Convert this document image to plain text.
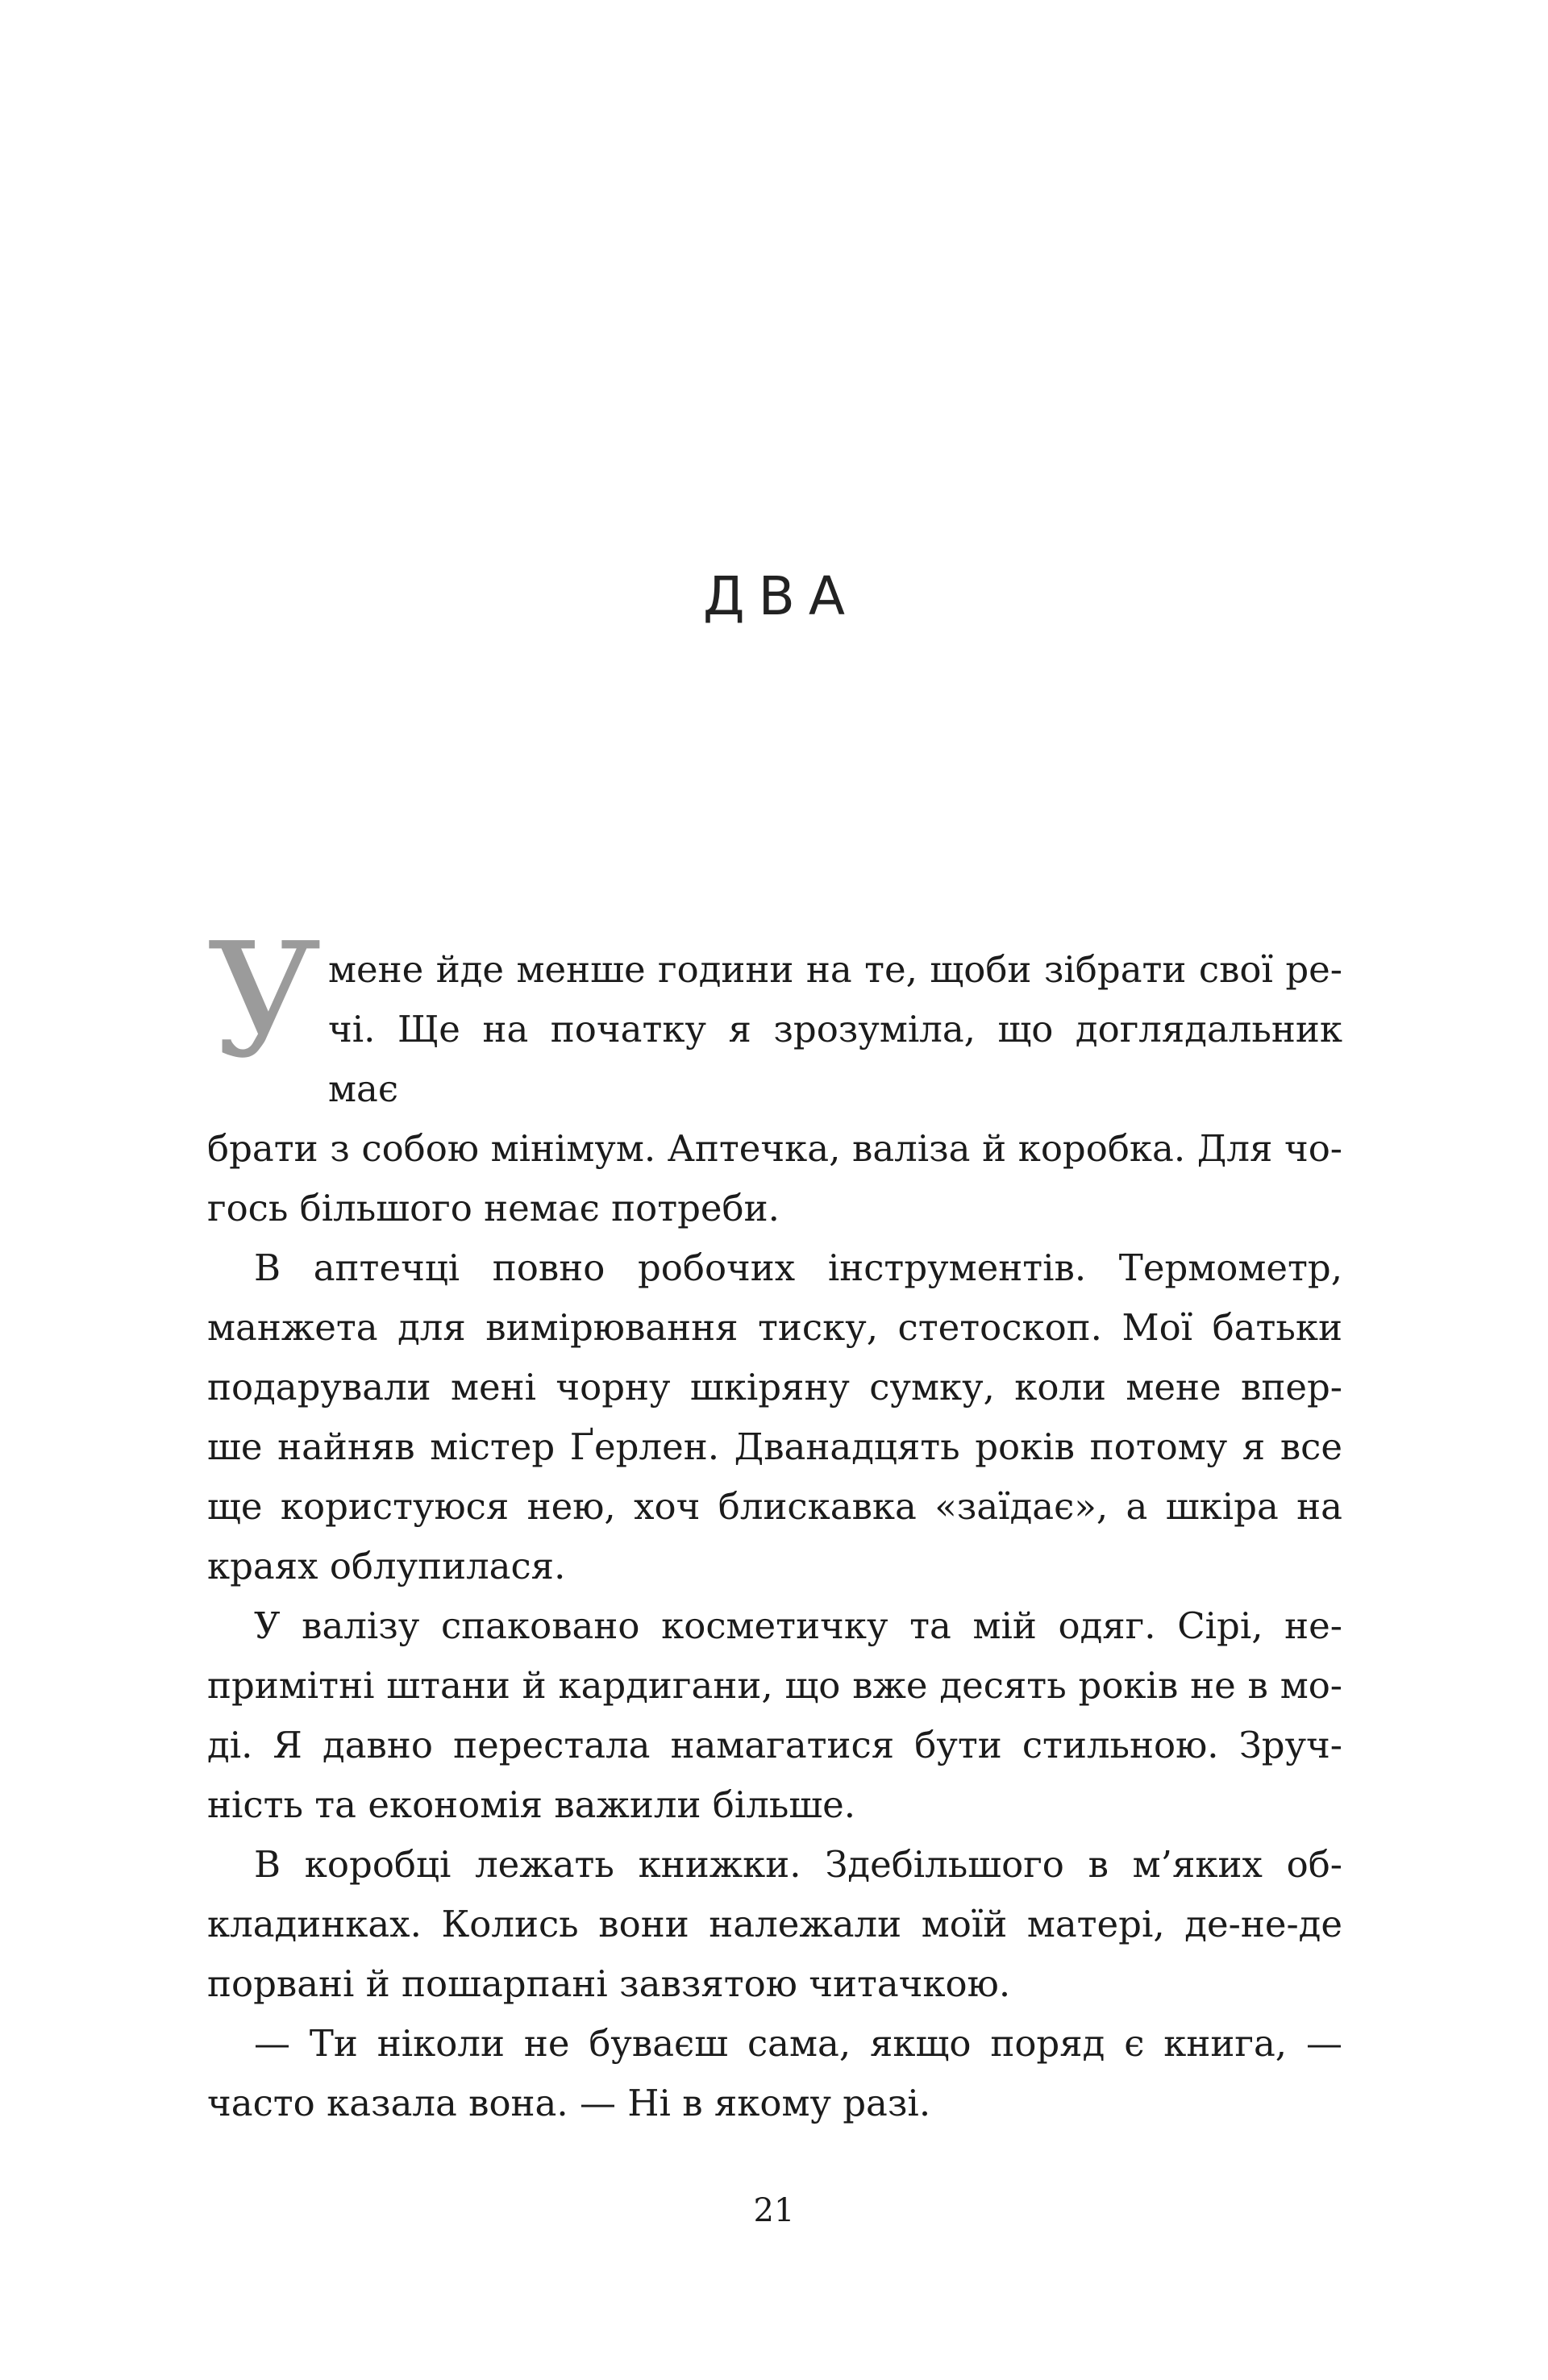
ДВА
У мене йде менше години на те, щоби зібрати свої ре-
чі. Ще на початку я зрозуміла, що доглядальник має
брати з собою мінімум. Аптечка, валіза й коробка. Для чо-
гось більшого немає потреби.
В аптечці повно робочих інструментів. Термометр,
манжета для вимірювання тиску, стетоскоп. Мої батьки
подарували мені чорну шкіряну сумку, коли мене впер-
ше найняв містер Ґерлен. Дванадцять років потому я все
ще користуюся нею, хоч блискавка «заїдає», а шкіра на
краях облупилася.
У валізу спаковано косметичку та мій одяг. Сірі, не-
примітні штани й кардигани, що вже десять років не в мо-
ді. Я давно перестала намагатися бути стильною. Зруч-
ність та економія важили більше.
В коробці лежать книжки. Здебільшого в м’яких об-
кладинках. Колись вони належали моїй матері, де-не-де
порвані й пошарпані завзятою читачкою.
— Ти ніколи не буваєш сама, якщо поряд є книга, —
часто казала вона. — Ні в якому разі.
21
